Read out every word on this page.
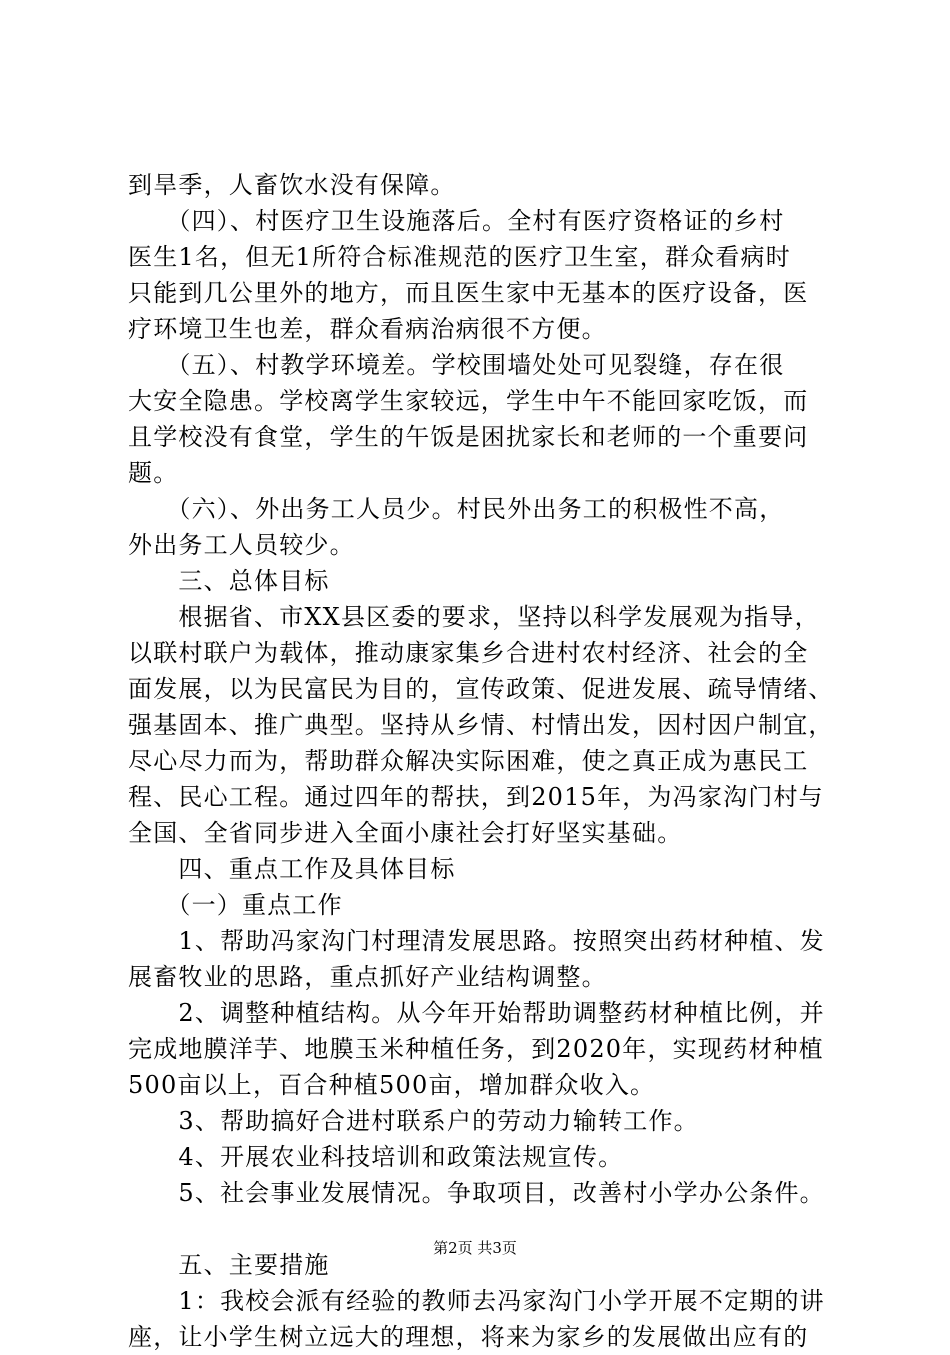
到旱季，人畜饮水没有保障。
　　（四）、村医疗卫生设施落后。全村有医疗资格证的乡村
医生1名，但无1所符合标准规范的医疗卫生室，群众看病时
只能到几公里外的地方，而且医生家中无基本的医疗设备，医
疗环境卫生也差，群众看病治病很不方便。
　　（五）、村教学环境差。学校围墙处处可见裂缝，存在很
大安全隐患。学校离学生家较远，学生中午不能回家吃饭，而
且学校没有食堂，学生的午饭是困扰家长和老师的一个重要问
题。
　　（六）、外出务工人员少。村民外出务工的积极性不高，
外出务工人员较少。
　　三、总体目标
　　根据省、市XX县区委的要求，坚持以科学发展观为指导，
以联村联户为载体，推动康家集乡合进村农村经济、社会的全
面发展，以为民富民为目的，宣传政策、促进发展、疏导情绪、
强基固本、推广典型。坚持从乡情、村情出发，因村因户制宜，
尽心尽力而为，帮助群众解决实际困难，使之真正成为惠民工
程、民心工程。通过四年的帮扶，到2015年，为冯家沟门村与
全国、全省同步进入全面小康社会打好坚实基础。
　　四、重点工作及具体目标
　　（一）重点工作
　　1、帮助冯家沟门村理清发展思路。按照突出药材种植、发
展畜牧业的思路，重点抓好产业结构调整。
　　2、调整种植结构。从今年开始帮助调整药材种植比例，并
完成地膜洋芋、地膜玉米种植任务，到2020年，实现药材种植
500亩以上，百合种植500亩，增加群众收入。
　　3、帮助搞好合进村联系户的劳动力输转工作。
　　4、开展农业科技培训和政策法规宣传。
　　5、社会事业发展情况。争取项目，改善村小学办公条件。
　　五、主要措施
　　1：我校会派有经验的教师去冯家沟门小学开展不定期的讲
座，让小学生树立远大的理想，将来为家乡的发展做出应有的
第2页 共3页
